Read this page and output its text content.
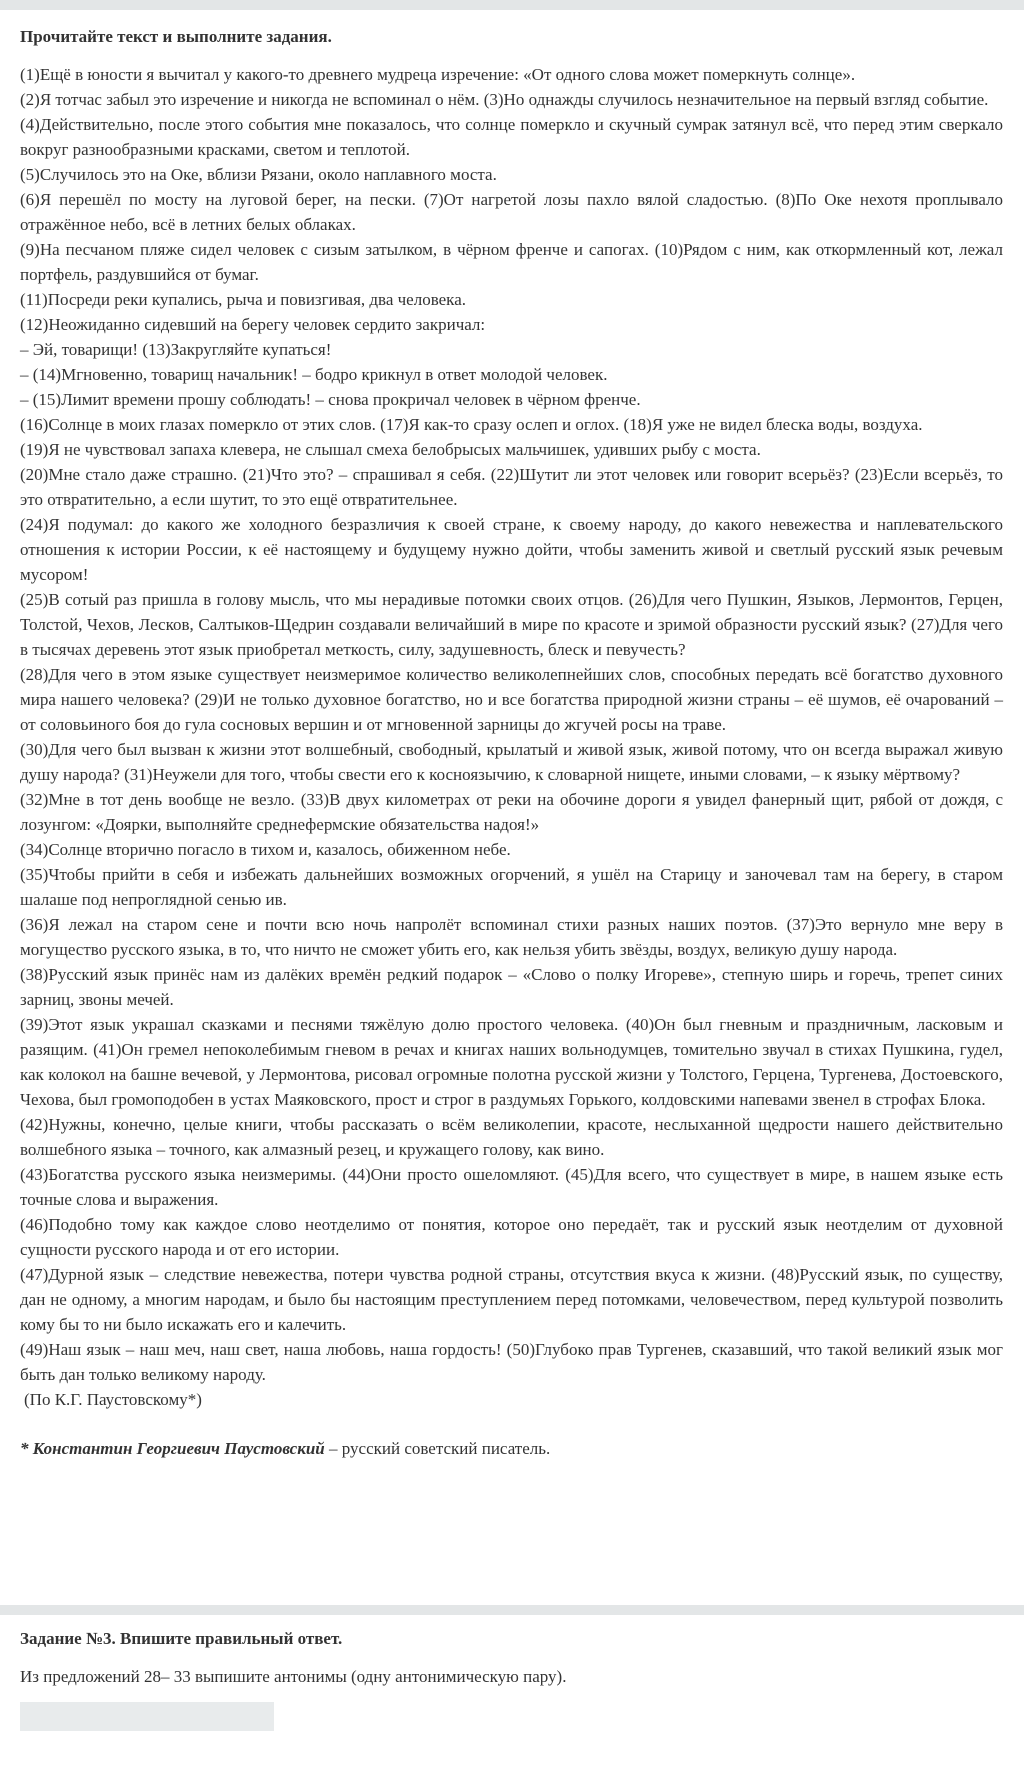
Прочитайте текст и выполните задания.

(1)Ещё в юности я вычитал у какого-то древнего мудреца изречение: «От одного слова может померкнуть солнце».

(2)Я тотчас забыл это изречение и никогда не вспоминал о нём. (3)Но однажды случилось незначительное на первый взгляд событие.

(4)Действительно, после этого события мне показалось, что солнце померкло и скучный сумрак затянул всё, что перед этим сверкало вокруг разнообразными красками, светом и теплотой.

(5)Случилось это на Оке, вблизи Рязани, около наплавного моста.

(6)Я перешёл по мосту на луговой берег, на пески. (7)От нагретой лозы пахло вялой сладостью. (8)По Оке нехотя проплывало отражённое небо, всё в летних белых облаках.

(9)На песчаном пляже сидел человек с сизым затылком, в чёрном френче и сапогах. (10)Рядом с ним, как откормленный кот, лежал портфель, раздувшийся от бумаг.

(11)Посреди реки купались, рыча и повизгивая, два человека.

(12)Неожиданно сидевший на берегу человек сердито закричал:

– Эй, товарищи! (13)Закругляйте купаться!

– (14)Мгновенно, товарищ начальник! – бодро крикнул в ответ молодой человек.

– (15)Лимит времени прошу соблюдать! – снова прокричал человек в чёрном френче.

(16)Солнце в моих глазах померкло от этих слов. (17)Я как-то сразу ослеп и оглох. (18)Я уже не видел блеска воды, воздуха.

(19)Я не чувствовал запаха клевера, не слышал смеха белобрысых мальчишек, удивших рыбу с моста.

(20)Мне стало даже страшно. (21)Что это? – спрашивал я себя. (22)Шутит ли этот человек или говорит всерьёз? (23)Если всерьёз, то это отвратительно, а если шутит, то это ещё отвратительнее.

(24)Я подумал: до какого же холодного безразличия к своей стране, к своему народу, до какого невежества и наплевательского отношения к истории России, к её настоящему и будущему нужно дойти, чтобы заменить живой и светлый русский язык речевым мусором!

(25)В сотый раз пришла в голову мысль, что мы нерадивые потомки своих отцов. (26)Для чего Пушкин, Языков, Лермонтов, Герцен, Толстой, Чехов, Лесков, Салтыков-Щедрин создавали величайший в мире по красоте и зримой образности русский язык? (27)Для чего в тысячах деревень этот язык приобретал меткость, силу, задушевность, блеск и певучесть?

(28)Для чего в этом языке существует неизмеримое количество великолепнейших слов, способных передать всё богатство духовного мира нашего человека? (29)И не только духовное богатство, но и все богатства природной жизни страны – её шумов, её очарований – от соловьиного боя до гула сосновых вершин и от мгновенной зарницы до жгучей росы на траве.

(30)Для чего был вызван к жизни этот волшебный, свободный, крылатый и живой язык, живой потому, что он всегда выражал живую душу народа? (31)Неужели для того, чтобы свести его к косноязычию, к словарной нищете, иными словами, – к языку мёртвому?

(32)Мне в тот день вообще не везло. (33)В двух километрах от реки на обочине дороги я увидел фанерный щит, рябой от дождя, с лозунгом: «Доярки, выполняйте среднефермские обязательства надоя!»

(34)Солнце вторично погасло в тихом и, казалось, обиженном небе.

(35)Чтобы прийти в себя и избежать дальнейших возможных огорчений, я ушёл на Старицу и заночевал там на берегу, в старом шалаше под непроглядной сенью ив.

(36)Я лежал на старом сене и почти всю ночь напролёт вспоминал стихи разных наших поэтов. (37)Это вернуло мне веру в могущество русского языка, в то, что ничто не сможет убить его, как нельзя убить звёзды, воздух, великую душу народа.

(38)Русский язык принёс нам из далёких времён редкий подарок – «Слово о полку Игореве», степную ширь и горечь, трепет синих зарниц, звоны мечей.

(39)Этот язык украшал сказками и песнями тяжёлую долю простого человека. (40)Он был гневным и праздничным, ласковым и разящим. (41)Он гремел непоколебимым гневом в речах и книгах наших вольнодумцев, томительно звучал в стихах Пушкина, гудел, как колокол на башне вечевой, у Лермонтова, рисовал огромные полотна русской жизни у Толстого, Герцена, Тургенева, Достоевского, Чехова, был громоподобен в устах Маяковского, прост и строг в раздумьях Горького, колдовскими напевами звенел в строфах Блока.

(42)Нужны, конечно, целые книги, чтобы рассказать о всём великолепии, красоте, неслыханной щедрости нашего действительно волшебного языка – точного, как алмазный резец, и кружащего голову, как вино.

(43)Богатства русского языка неизмеримы. (44)Они просто ошеломляют. (45)Для всего, что существует в мире, в нашем языке есть точные слова и выражения.

(46)Подобно тому как каждое слово неотделимо от понятия, которое оно передаёт, так и русский язык неотделим от духовной сущности русского народа и от его истории.

(47)Дурной язык – следствие невежества, потери чувства родной страны, отсутствия вкуса к жизни. (48)Русский язык, по существу, дан не одному, а многим народам, и было бы настоящим преступлением перед потомками, человечеством, перед культурой позволить кому бы то ни было искажать его и калечить.

(49)Наш язык – наш меч, наш свет, наша любовь, наша гордость! (50)Глубоко прав Тургенев, сказавший, что такой великий язык мог быть дан только великому народу.

(По К.Г. Паустовскому*)
* Константин Георгиевич Паустовский – русский советский писатель.
Задание №3. Впишите правильный ответ.
Из предложений 28– 33 выпишите антонимы (одну антонимическую пару).
